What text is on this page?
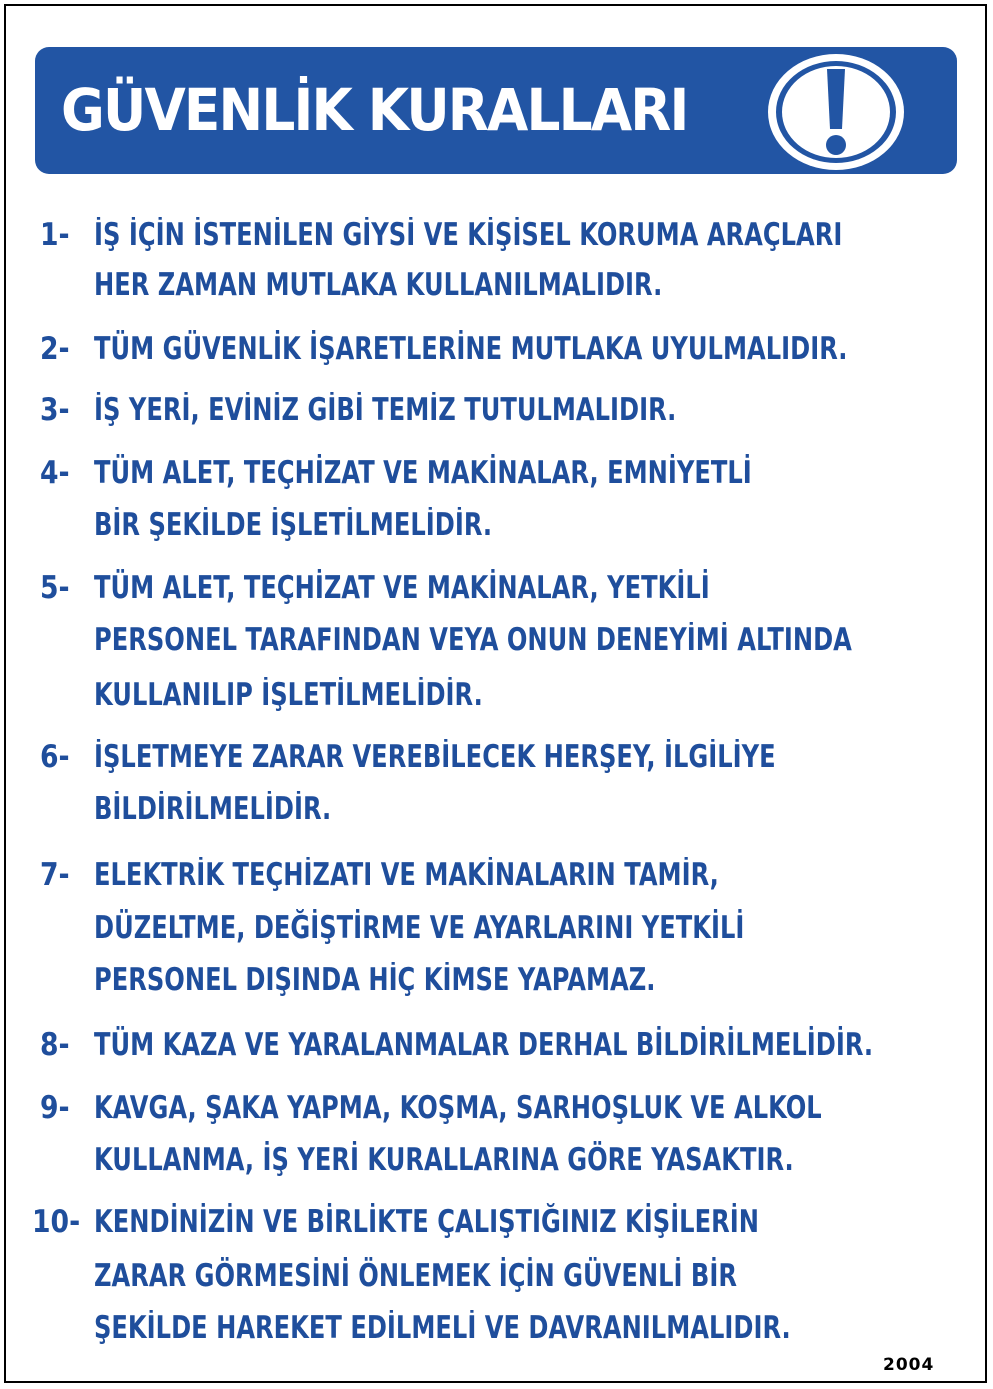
GÜVENLİK KURALLARI
1- İŞ İÇİN İSTENİLEN GİYSİ VE KİŞİSEL KORUMA ARAÇLARI
HER ZAMAN MUTLAKA KULLANILMALIDIR.
2- TÜM GÜVENLİK İŞARETLERİNE MUTLAKA UYULMALIDIR.
3- İŞ YERİ, EVİNİZ GİBİ TEMİZ TUTULMALIDIR.
4- TÜM ALET, TEÇHİZAT VE MAKİNALAR, EMNİYETLİ
BİR ŞEKİLDE İŞLETİLMELİDİR.
5- TÜM ALET, TEÇHİZAT VE MAKİNALAR, YETKİLİ
PERSONEL TARAFINDAN VEYA ONUN DENEYİMİ ALTINDA
KULLANILIP İŞLETİLMELİDİR.
6- İŞLETMEYE ZARAR VEREBİLECEK HERŞEY, İLGİLİYE
BİLDİRİLMELİDİR.
7- ELEKTRİK TEÇHİZATI VE MAKİNALARIN TAMİR,
DÜZELTME, DEĞİŞTİRME VE AYARLARINI YETKİLİ
PERSONEL DIŞINDA HİÇ KİMSE YAPAMAZ.
8- TÜM KAZA VE YARALANMALAR DERHAL BİLDİRİLMELİDİR.
9- KAVGA, ŞAKA YAPMA, KOŞMA, SARHOŞLUK VE ALKOL
KULLANMA, İŞ YERİ KURALLARINA GÖRE YASAKTIR.
10- KENDİNİZİN VE BİRLİKTE ÇALIŞTIĞINIZ KİŞİLERİN
ZARAR GÖRMESİNİ ÖNLEMEK İÇİN GÜVENLİ BİR
ŞEKİLDE HAREKET EDİLMELİ VE DAVRANILMALIDIR.
2004
